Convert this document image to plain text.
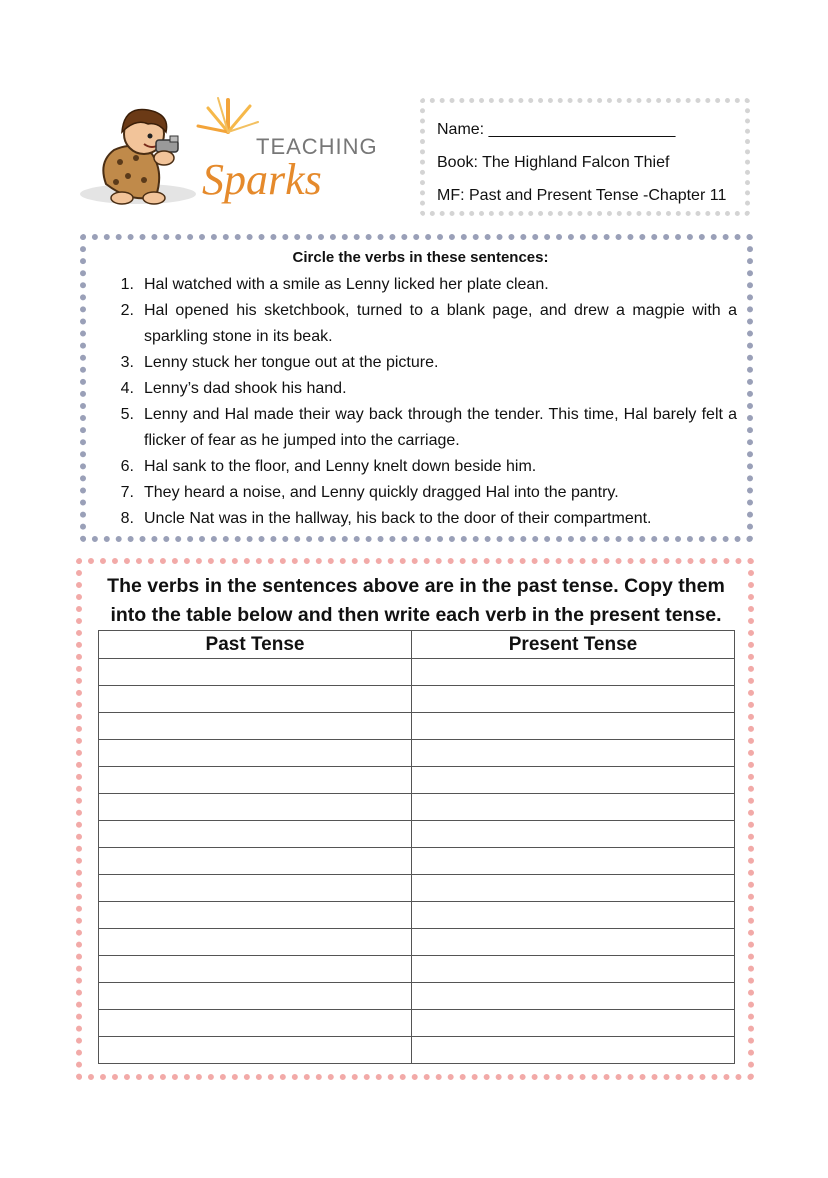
TEACHING
Sparks
Name: _____________________
Book: The Highland Falcon Thief
MF: Past and Present Tense -Chapter 11
Circle the verbs in these sentences:
1. Hal watched with a smile as Lenny licked her plate clean.
2. Hal opened his sketchbook, turned to a blank page, and drew a magpie with a sparkling stone in its beak.
3. Lenny stuck her tongue out at the picture.
4. Lenny’s dad shook his hand.
5. Lenny and Hal made their way back through the tender. This time, Hal barely felt a flicker of fear as he jumped into the carriage.
6. Hal sank to the floor, and Lenny knelt down beside him.
7. They heard a noise, and Lenny quickly dragged Hal into the pantry.
8. Uncle Nat was in the hallway, his back to the door of their compartment.
The verbs in the sentences above are in the past tense. Copy them
into the table below and then write each verb in the present tense.
Past Tense	Present Tense
